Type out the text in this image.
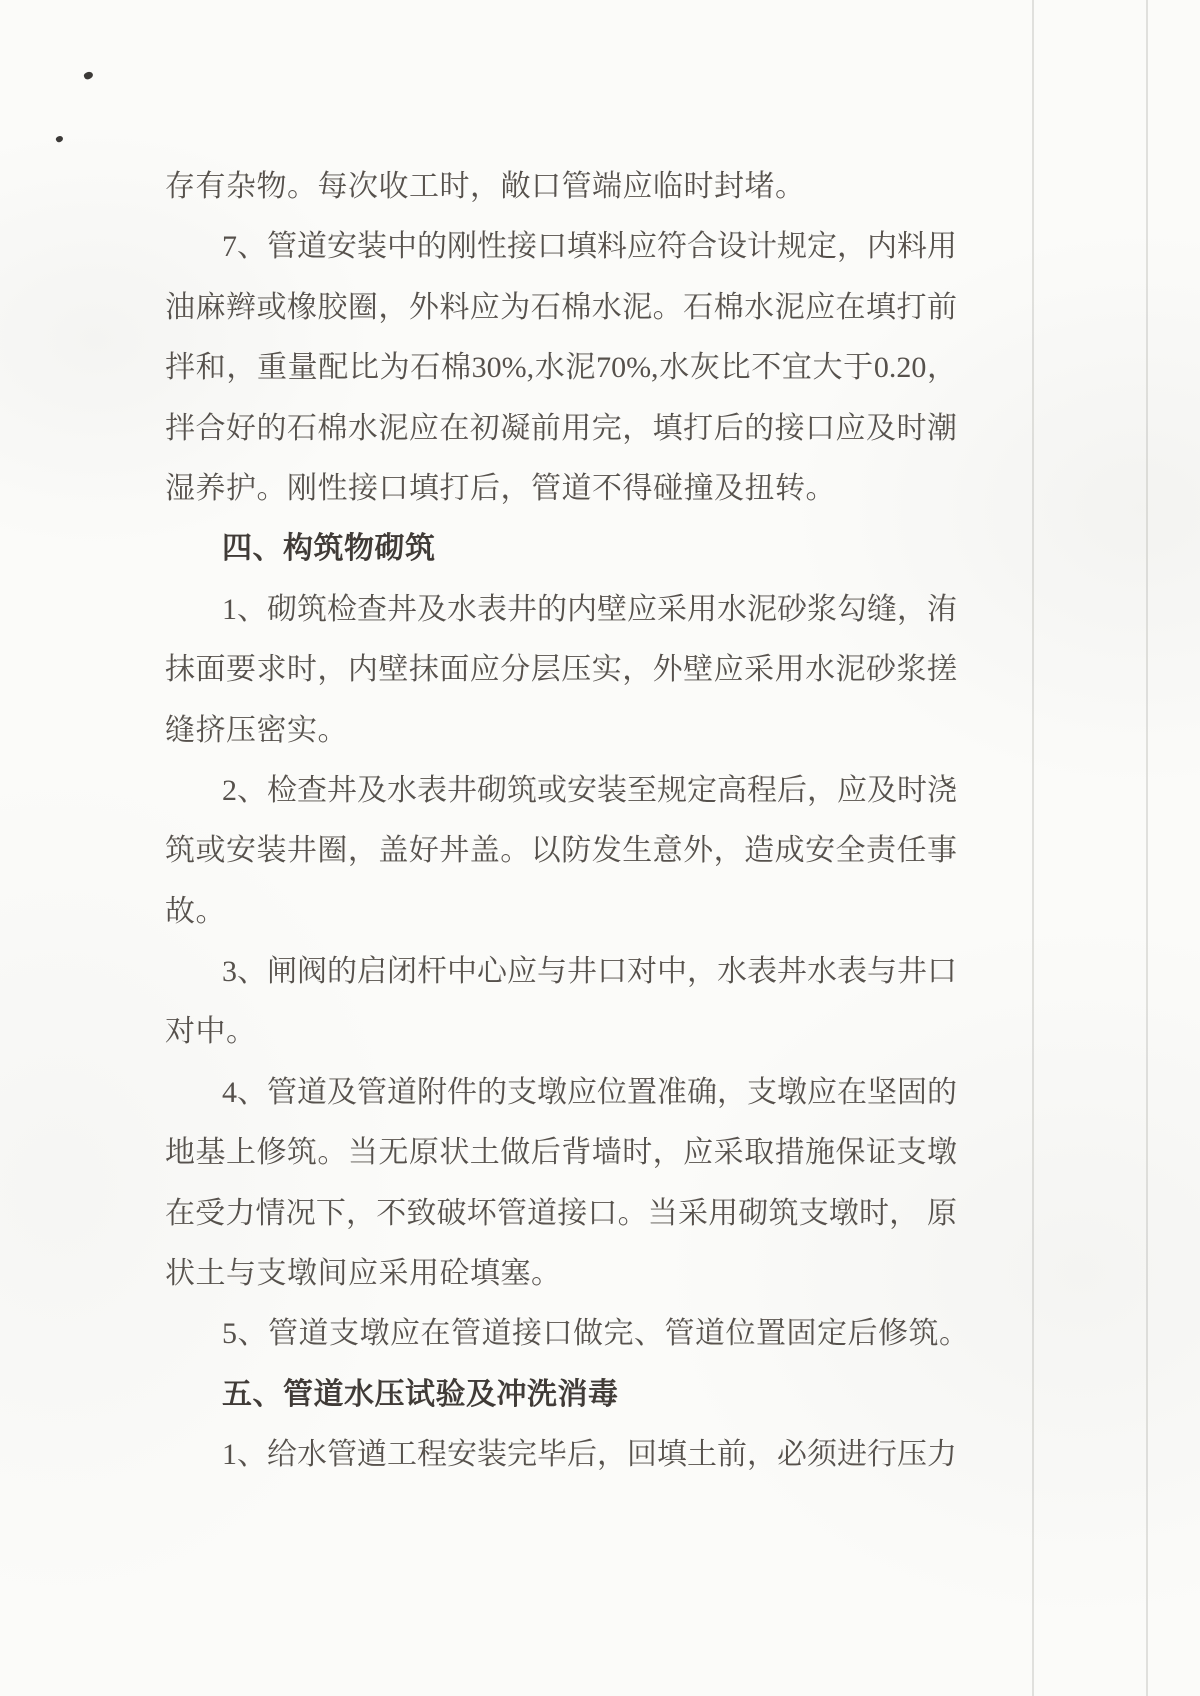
存有杂物。每次收工时，敞口管端应临时封堵。
7、管道安装中的刚性接口填料应符合设计规定，内料用
油麻辫或橡胶圈，外料应为石棉水泥。石棉水泥应在填打前
拌和，重量配比为石棉30%,水泥70%,水灰比不宜大于0.20，
拌合好的石棉水泥应在初凝前用完，填打后的接口应及时潮
湿养护。刚性接口填打后，管道不得碰撞及扭转。
四、构筑物砌筑
1、砌筑检查丼及水表井的内壁应采用水泥砂浆勾缝，洧
抹面要求时，内壁抹面应分层压实，外壁应采用水泥砂浆搓
缝挤压密实。
2、检查丼及水表井砌筑或安装至规定高程后，应及时浇
筑或安装井圈，盖好丼盖。以防发生意外，造成安全责任事
故。
3、闸阀的启闭杆中心应与井口对中，水表丼水表与井口
对中。
4、管道及管道附件的支墩应位置准确，支墩应在坚固的
地基上修筑。当无原状土做后背墙时，应采取措施保证支墩
在受力情况下，不致破坏管道接口。当采用砌筑支墩时， 原
状土与支墩间应采用砼填塞。
5、管道支墩应在管道接口做完、管道位置固定后修筑。
五、管道水压试验及冲洗消毒
1、给水管遒工程安装完毕后，回填土前，必须进行压力
